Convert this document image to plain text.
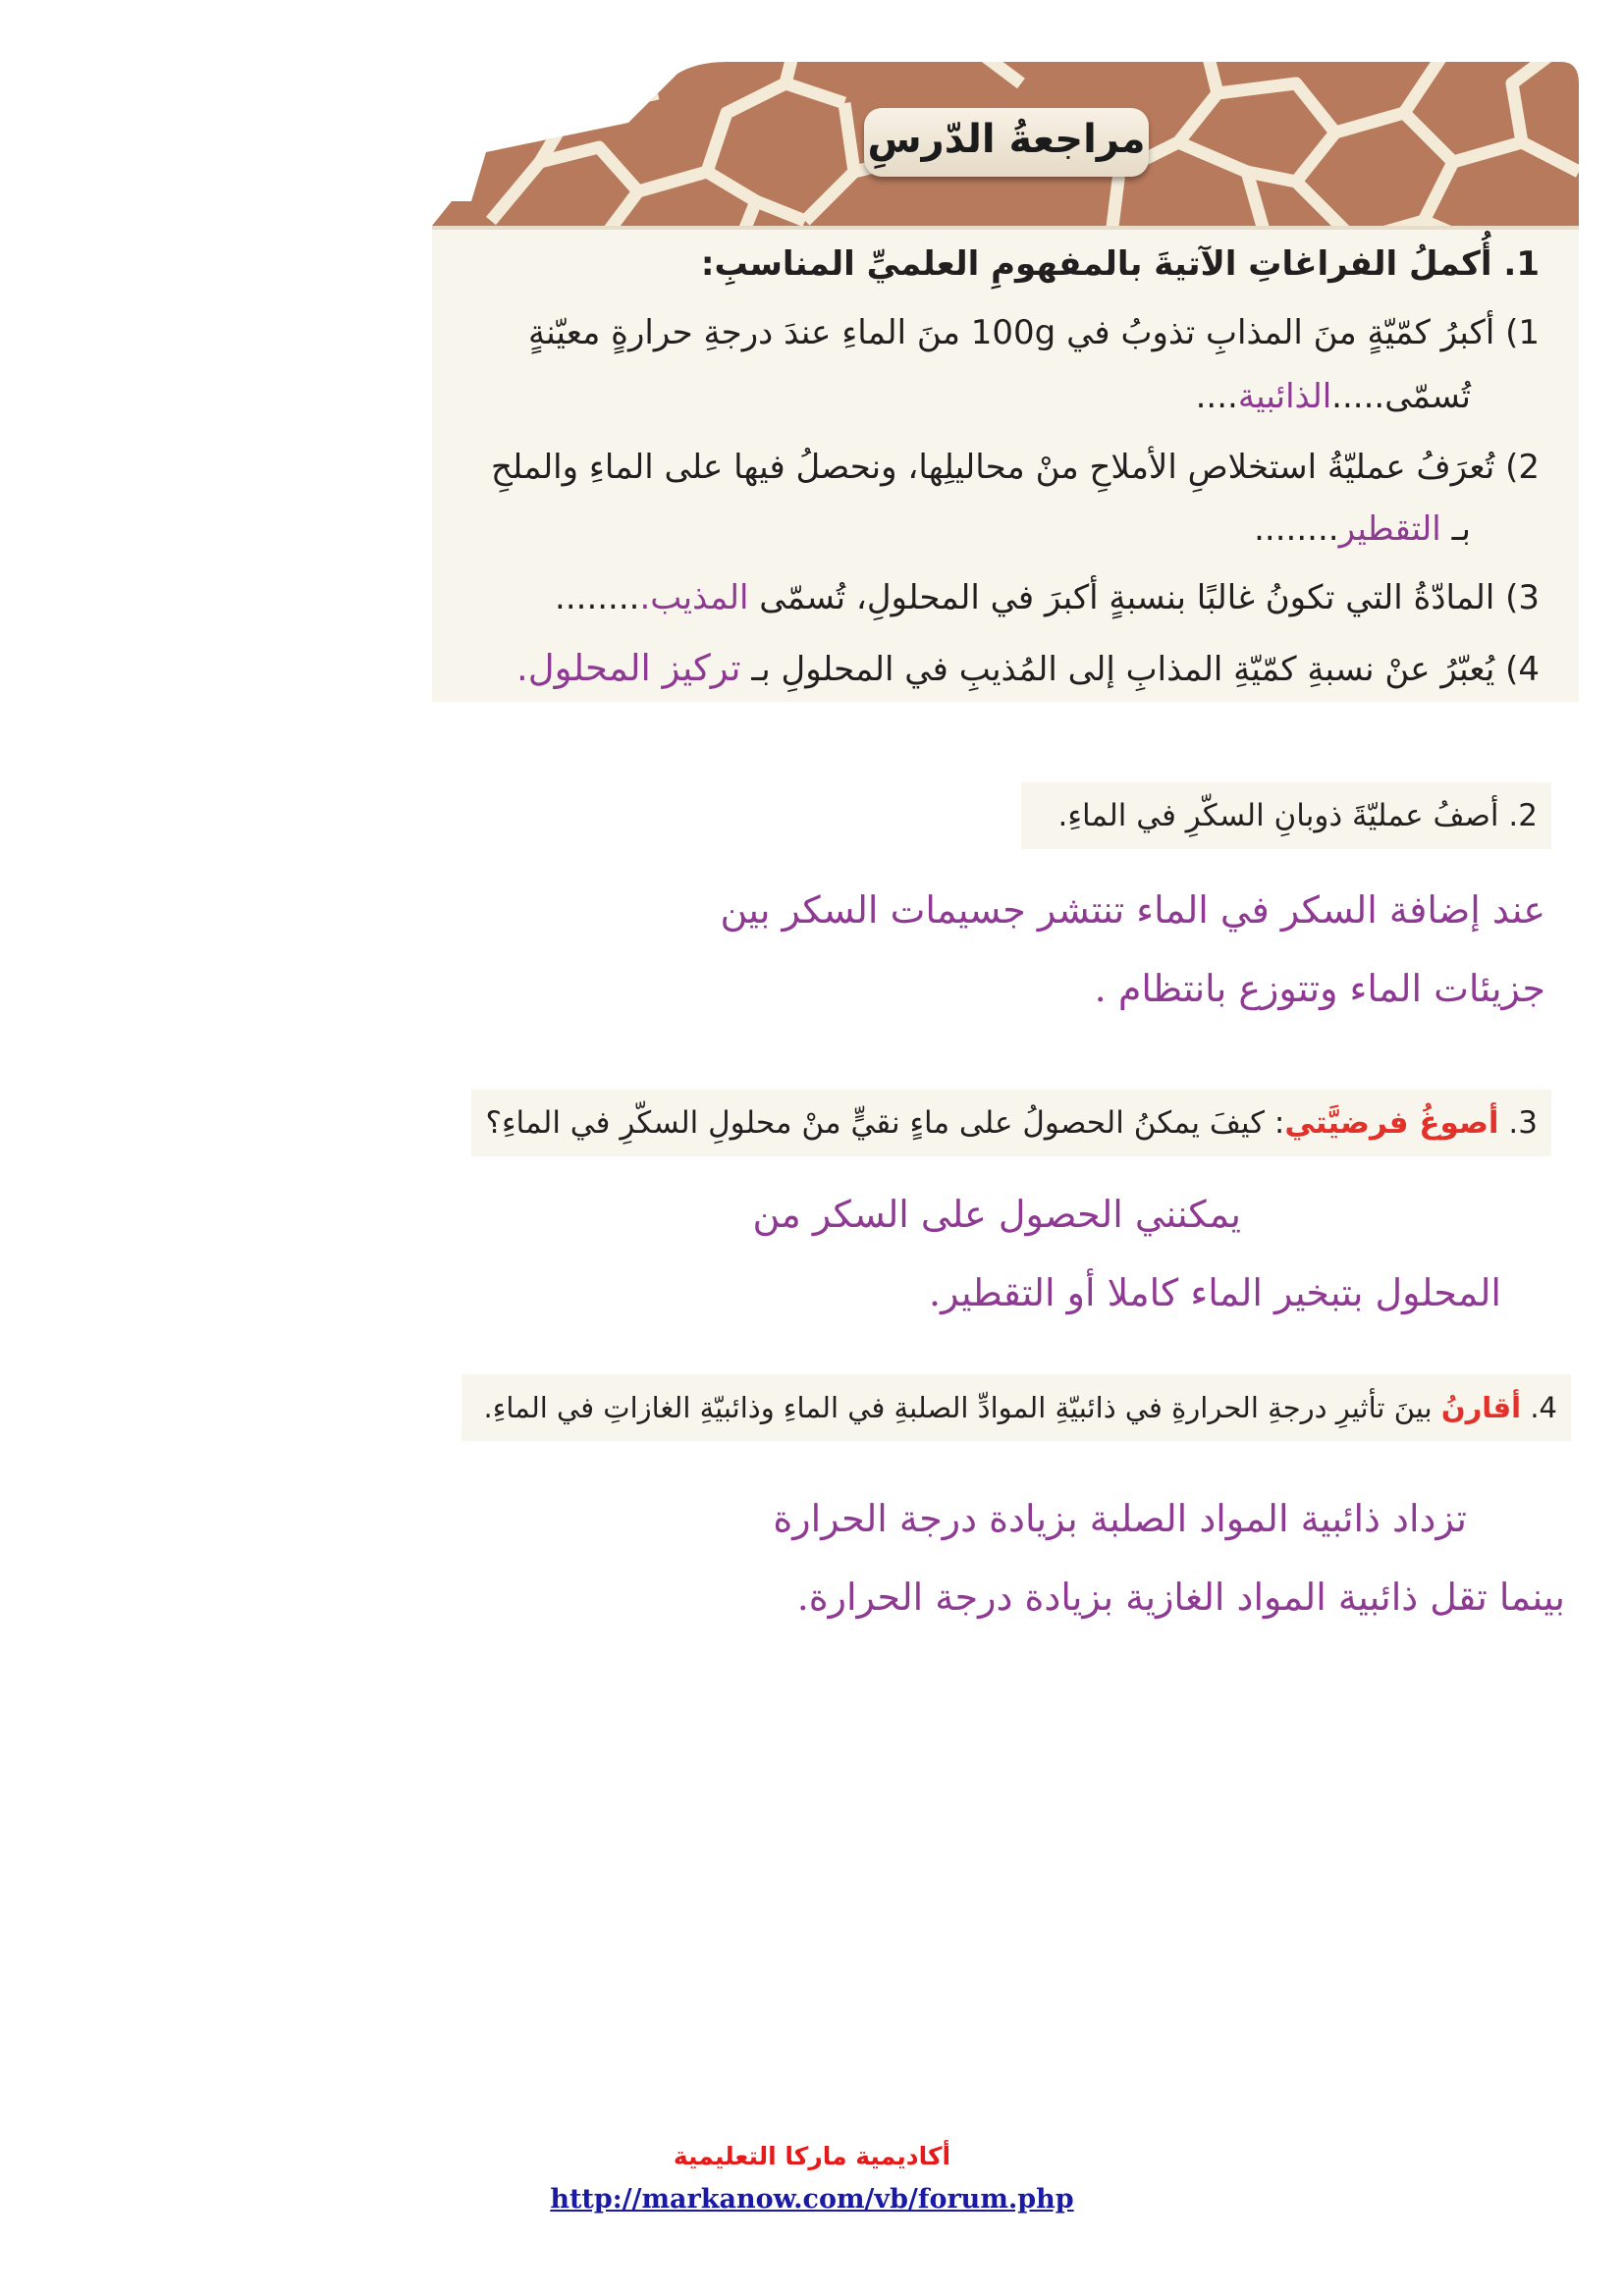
مراجعةُ الدّرسِ
1. أُكملُ الفراغاتِ الآتيةَ بالمفهومِ العلميِّ المناسبِ:
1) أكبرُ كمّيّةٍ منَ المذابِ تذوبُ في 100g منَ الماءِ عندَ درجةِ حرارةٍ معيّنةٍ
تُسمّى.....الذائبية....
2) تُعرَفُ عمليّةُ استخلاصِ الأملاحِ منْ محاليلِها، ونحصلُ فيها على الماءِ والملحِ
بـ التقطير........
3) المادّةُ التي تكونُ غالبًا بنسبةٍ أكبرَ في المحلولِ، تُسمّى المذيب.........
4) يُعبّرُ عنْ نسبةِ كمّيّةِ المذابِ إلى المُذيبِ في المحلولِ بـ تركيز المحلول.
2. أصفُ عمليّةَ ذوبانِ السكّرِ في الماءِ.
عند إضافة السكر في الماء تنتشر جسيمات السكر بين
جزيئات الماء وتتوزع بانتظام .
3. أصوغُ فرضيَّتي: كيفَ يمكنُ الحصولُ على ماءٍ نقيٍّ منْ محلولِ السكّرِ في الماءِ؟
يمكنني الحصول على السكر من
المحلول بتبخير الماء كاملا أو التقطير.
4. أقارنُ بينَ تأثيرِ درجةِ الحرارةِ في ذائبيّةِ الموادِّ الصلبةِ في الماءِ وذائبيّةِ الغازاتِ في الماءِ.
تزداد ذائبية المواد الصلبة بزيادة درجة الحرارة
بينما تقل ذائبية المواد الغازية بزيادة درجة الحرارة.
أكاديمية ماركا التعليمية
http://markanow.com/vb/forum.php
